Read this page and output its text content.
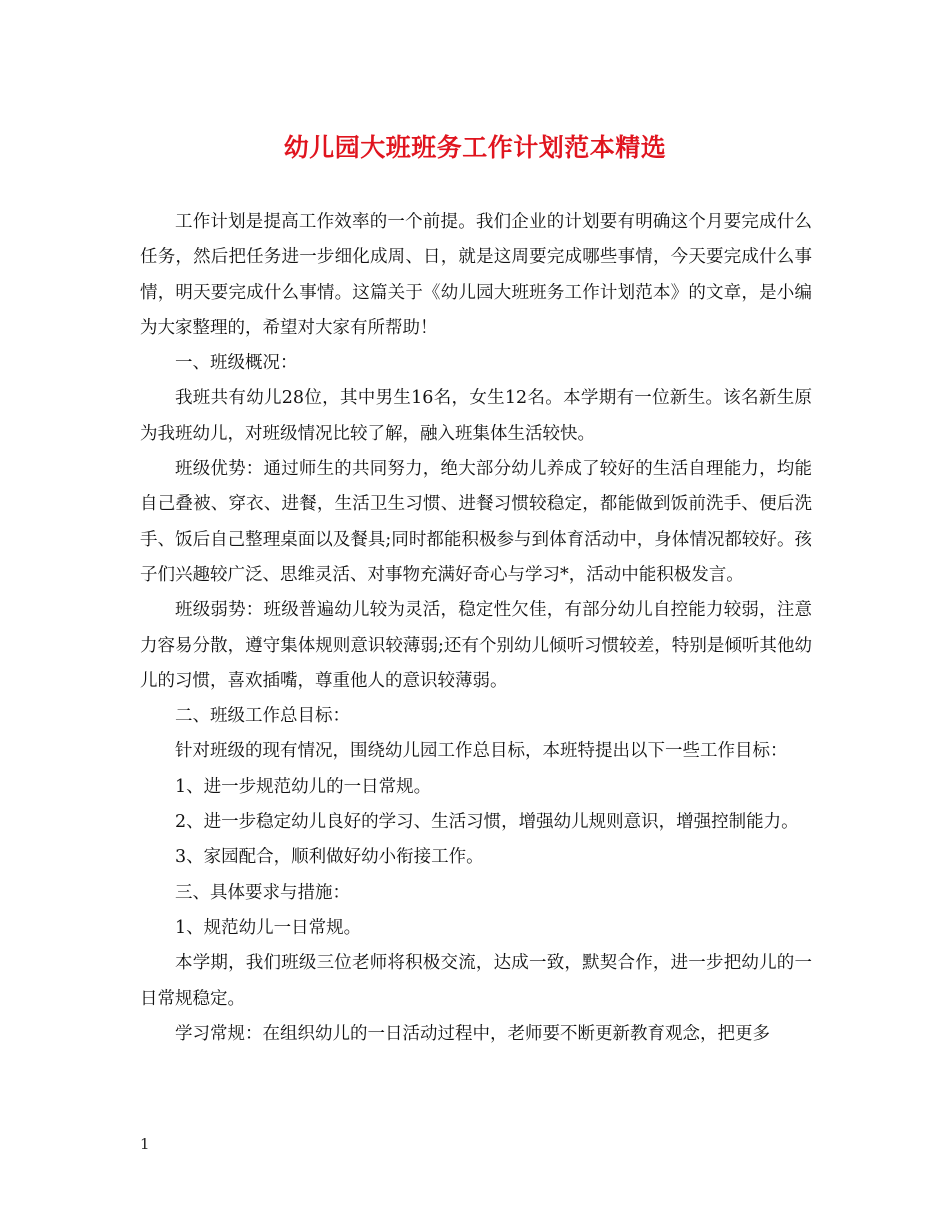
幼儿园大班班务工作计划范本精选

工作计划是提高工作效率的一个前提。我们企业的计划要有明确这个月要完成什么任务，然后把任务进一步细化成周、日，就是这周要完成哪些事情，今天要完成什么事情，明天要完成什么事情。这篇关于《幼儿园大班班务工作计划范本》的文章，是小编为大家整理的，希望对大家有所帮助！

一、班级概况：

我班共有幼儿28位，其中男生16名，女生12名。本学期有一位新生。该名新生原为我班幼儿，对班级情况比较了解，融入班集体生活较快。

班级优势：通过师生的共同努力，绝大部分幼儿养成了较好的生活自理能力，均能自己叠被、穿衣、进餐，生活卫生习惯、进餐习惯较稳定，都能做到饭前洗手、便后洗手、饭后自己整理桌面以及餐具;同时都能积极参与到体育活动中，身体情况都较好。孩子们兴趣较广泛、思维灵活、对事物充满好奇心与学习*，活动中能积极发言。

班级弱势：班级普遍幼儿较为灵活，稳定性欠佳，有部分幼儿自控能力较弱，注意力容易分散，遵守集体规则意识较薄弱;还有个别幼儿倾听习惯较差，特别是倾听其他幼儿的习惯，喜欢插嘴，尊重他人的意识较薄弱。

二、班级工作总目标：

针对班级的现有情况，围绕幼儿园工作总目标，本班特提出以下一些工作目标：

1、进一步规范幼儿的一日常规。

2、进一步稳定幼儿良好的学习、生活习惯，增强幼儿规则意识，增强控制能力。

3、家园配合，顺利做好幼小衔接工作。

三、具体要求与措施：

1、规范幼儿一日常规。

本学期，我们班级三位老师将积极交流，达成一致，默契合作，进一步把幼儿的一日常规稳定。

学习常规：在组织幼儿的一日活动过程中，老师要不断更新教育观念，把更多

1
